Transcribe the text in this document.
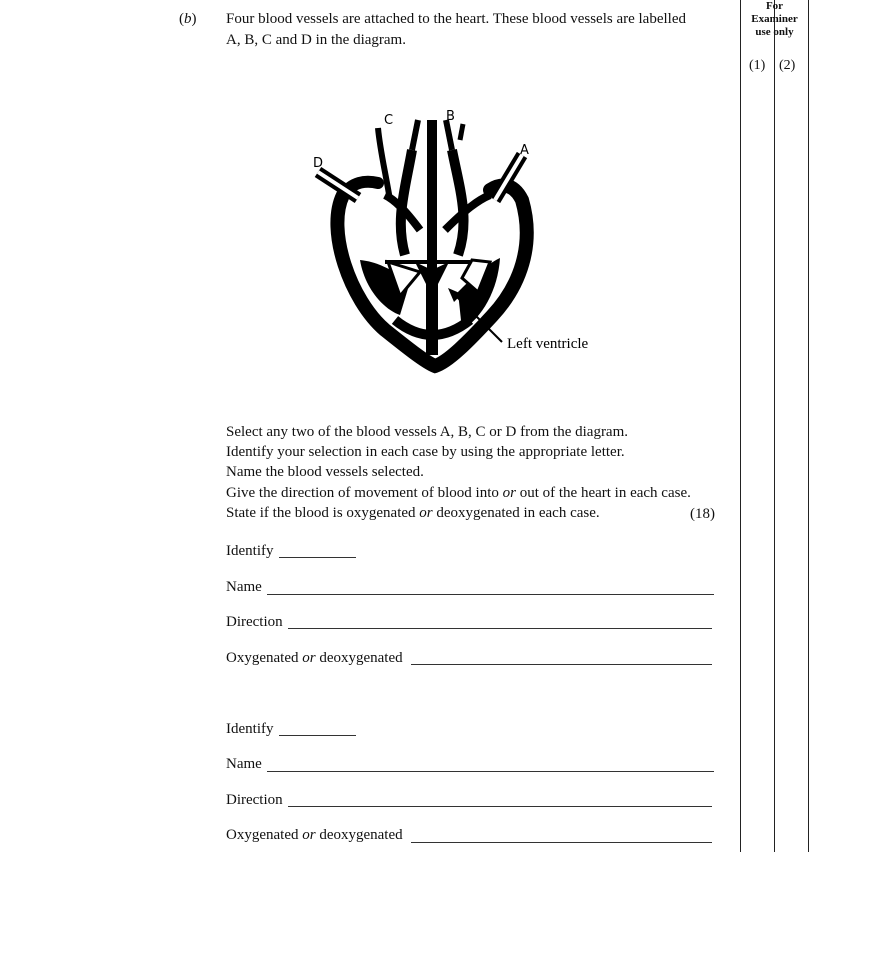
For
Examiner
use only
(1) (2)
(b) Four blood vessels are attached to the heart. These blood vessels are labelled
A, B, C and D in the diagram.
C	B
A
D
Left ventricle
Select any two of the blood vessels A, B, C or D from the diagram.
Identify your selection in each case by using the appropriate letter.
Name the blood vessels selected.
Give the direction of movement of blood into or out of the heart in each case.
State if the blood is oxygenated or deoxygenated in each case.	(18)
Identify
Name
Direction
Oxygenated or deoxygenated
Identify
Name
Direction
Oxygenated or deoxygenated
